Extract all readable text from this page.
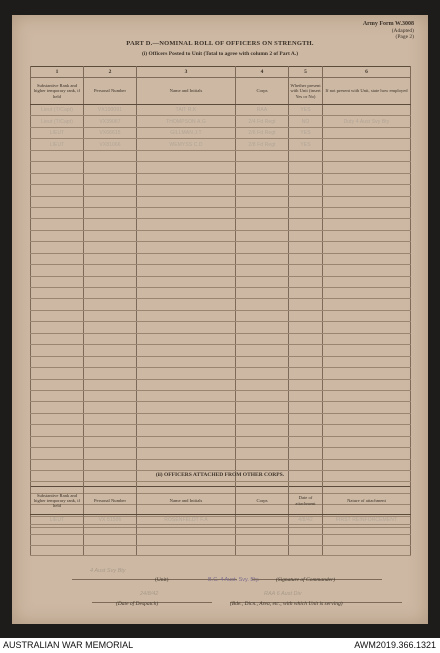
Army Form W.3008
(Adapted)
(Page 2)
PART D.—NOMINAL ROLL OF OFFICERS ON STRENGTH.
(i) Officers Posted to Unit (Total to agree with column 2 of Part A.)
1	2	3	4	5	6
Substantive Rank and higher temporary rank, if held	Personal Number	Name and Initials	Corps	Whether present with Unit (insert Yes or No)	If not present with Unit, state how employed

Lieut (T/Capt)	VX100091	TAIT R.K	RAA	YES	

Lieut (T/Capt)	VX39067	THOMPSON A.G	2/4 Fd Regt	NO	Duty 4 Aust Svy Bty

LIEUT	VX66615	GILLMAN J.T	2/6 Fd Regt	YES	

LIEUT	VX81066	WEMYSS C.D	2/8 Fd Regt	YES	

(ii) OFFICERS ATTACHED FROM OTHER CORPS.
Substantive Rank and higher temporary rank, if held	Personal Number	Name and Initials	Corps	Date of attachment	Nature of attachment

LIEUT	VX 51506	ROSENFELDT F.A		4/8/42	FIRST REINFORCEMENT

4 Aust Svy Bty
(Unit)	B.C. 4 Aust. Svy. Bty.	(Signature of Commander)
24/8/42
(Date of Despatch)
RAA 6 Aust Div
(Bde., Dicn., Area, etc., with which Unit is serving)
AUSTRALIAN WAR MEMORIAL	AWM2019.366.1321
